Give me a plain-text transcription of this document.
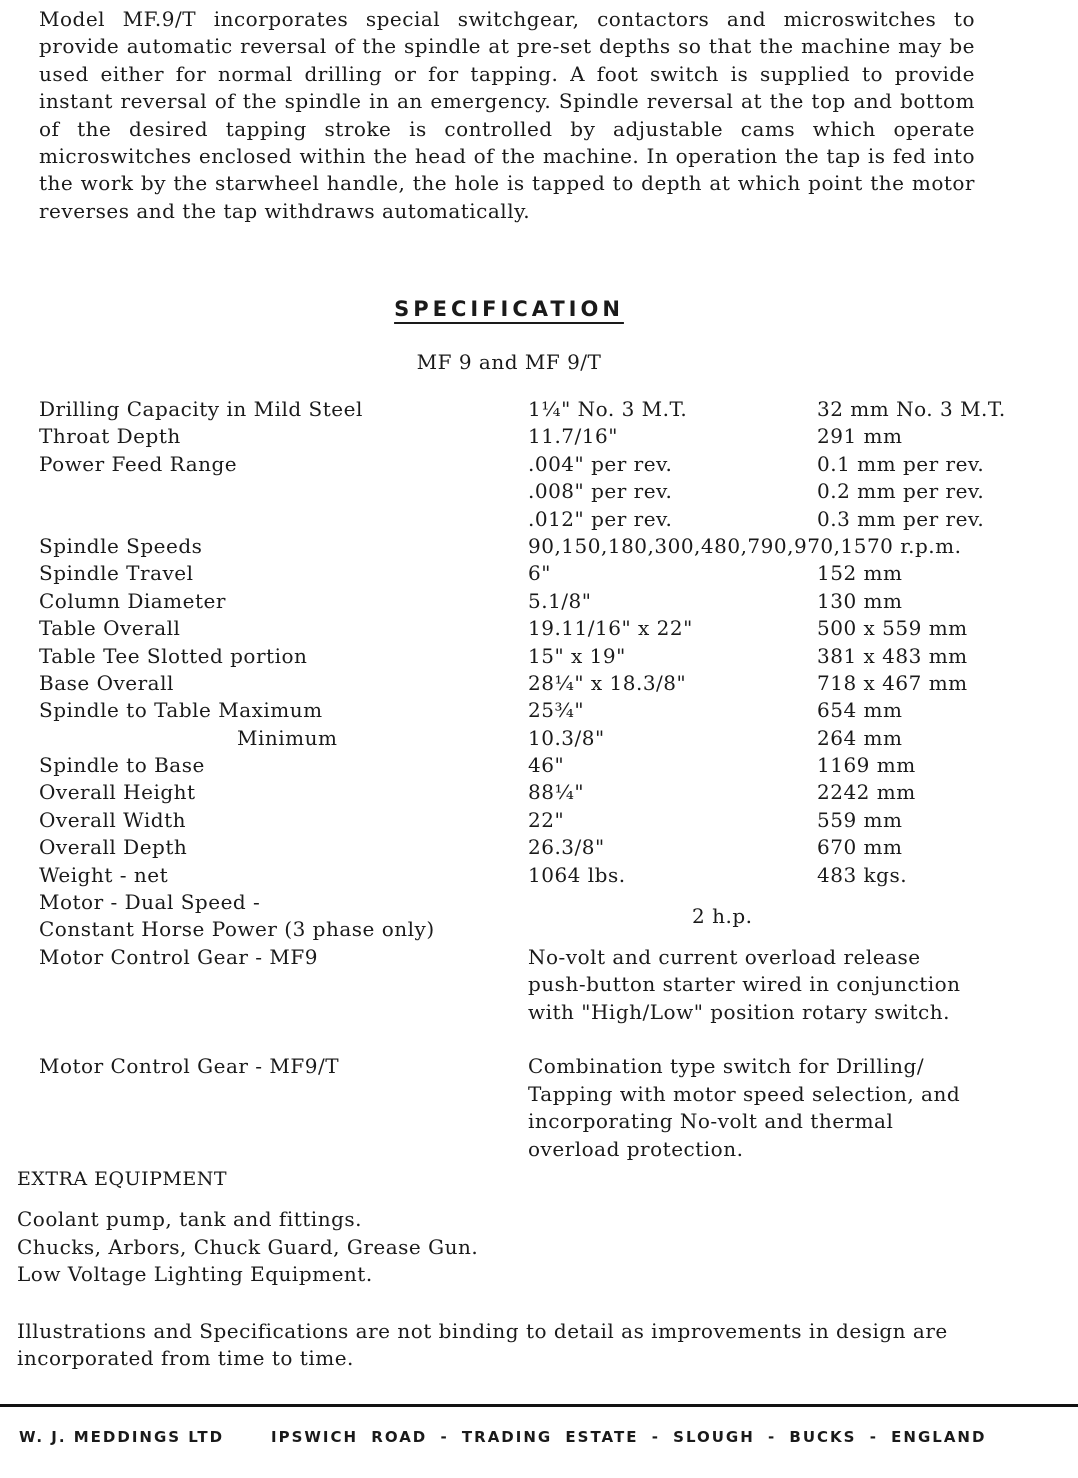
Model MF.9/T incorporates special switchgear, contactors and microswitches to provide automatic reversal of the spindle at pre-set depths so that the machine may be used either for normal drilling or for tapping. A foot switch is supplied to provide instant reversal of the spindle in an emergency. Spindle reversal at the top and bottom of the desired tapping stroke is controlled by adjustable cams which operate microswitches enclosed within the head of the machine. In operation the tap is fed into the work by the starwheel handle, the hole is tapped to depth at which point the motor reverses and the tap withdraws automatically.
SPECIFICATION
MF 9 and MF 9/T
Drilling Capacity in Mild Steel	1¼" No. 3 M.T.	32 mm No. 3 M.T.
Throat Depth	11.7/16"	291 mm
Power Feed Range	.004" per rev.	0.1 mm per rev.
.008" per rev.	0.2 mm per rev.
.012" per rev.	0.3 mm per rev.
Spindle Speeds	90,150,180,300,480,790,970,1570 r.p.m.
Spindle Travel	6"	152 mm
Column Diameter	5.1/8"	130 mm
Table Overall	19.11/16" x 22"	500 x 559 mm
Table Tee Slotted portion	15" x 19"	381 x 483 mm
Base Overall	28¼" x 18.3/8"	718 x 467 mm
Spindle to Table Maximum	25¾"	654 mm
Minimum	10.3/8"	264 mm
Spindle to Base	46"	1169 mm
Overall Height	88¼"	2242 mm
Overall Width	22"	559 mm
Overall Depth	26.3/8"	670 mm
Weight - net	1064 lbs.	483 kgs.
Motor - Dual Speed -
Constant Horse Power (3 phase only)
2 h.p.
Motor Control Gear - MF9	No-volt and current overload release push-button starter wired in conjunction with "High/Low" position rotary switch.
Motor Control Gear - MF9/T	Combination type switch for Drilling/ Tapping with motor speed selection, and incorporating No-volt and thermal overload protection.
EXTRA EQUIPMENT
Coolant pump, tank and fittings.
Chucks, Arbors, Chuck Guard, Grease Gun.
Low Voltage Lighting Equipment.
Illustrations and Specifications are not binding to detail as improvements in design are incorporated from time to time.
W. J. MEDDINGS LTD	IPSWICH ROAD - TRADING ESTATE - SLOUGH - BUCKS - ENGLAND
